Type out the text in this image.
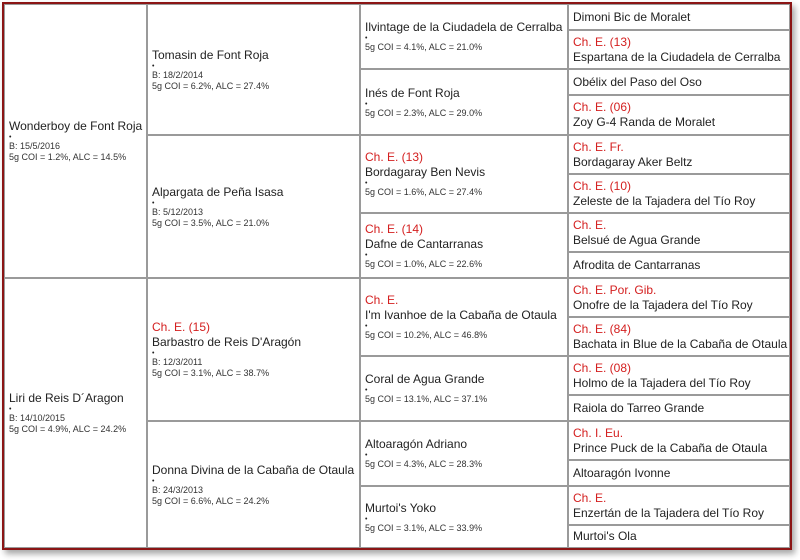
Dimoni Bic de Moralet
Ch. E. (13)
Espartana de la Ciudadela de Cerralba
Obélix del Paso del Oso
Ch. E. (06)
Zoy G-4 Randa de Moralet
Ch. E. Fr.
Bordagaray Aker Beltz
Ch. E. (10)
Zeleste de la Tajadera del Tío Roy
Ch. E.
Belsué de Agua Grande
Afrodita de Cantarranas
Ch. E. Por. Gib.
Onofre de la Tajadera del Tío Roy
Ch. E. (84)
Bachata in Blue de la Cabaña de Otaula
Ch. E. (08)
Holmo de la Tajadera del Tío Roy
Raiola do Tarreo Grande
Ch. I. Eu.
Prince Puck de la Cabaña de Otaula
Altoaragón Ivonne
Ch. E.
Enzertán de la Tajadera del Tío Roy
Murtoi's Ola
Ilvintage de la Ciudadela de Cerralba
•
5g COI = 4.1%, ALC = 21.0%
Inés de Font Roja
•
5g COI = 2.3%, ALC = 29.0%
Ch. E. (13)
Bordagaray Ben Nevis
•
5g COI = 1.6%, ALC = 27.4%
Ch. E. (14)
Dafne de Cantarranas
•
5g COI = 1.0%, ALC = 22.6%
Ch. E.
I'm Ivanhoe de la Cabaña de Otaula
•
5g COI = 10.2%, ALC = 46.8%
Coral de Agua Grande
•
5g COI = 13.1%, ALC = 37.1%
Altoaragón Adriano
•
5g COI = 4.3%, ALC = 28.3%
Murtoi's Yoko
•
5g COI = 3.1%, ALC = 33.9%
Tomasin de Font Roja
•
B: 18/2/2014
5g COI = 6.2%, ALC = 27.4%
Alpargata de Peña Isasa
•
B: 5/12/2013
5g COI = 3.5%, ALC = 21.0%
Ch. E. (15)
Barbastro de Reis D'Aragón
•
B: 12/3/2011
5g COI = 3.1%, ALC = 38.7%
Donna Divina de la Cabaña de Otaula
•
B: 24/3/2013
5g COI = 6.6%, ALC = 24.2%
Wonderboy de Font Roja
•
B: 15/5/2016
5g COI = 1.2%, ALC = 14.5%
Liri de Reis D´Aragon
•
B: 14/10/2015
5g COI = 4.9%, ALC = 24.2%
